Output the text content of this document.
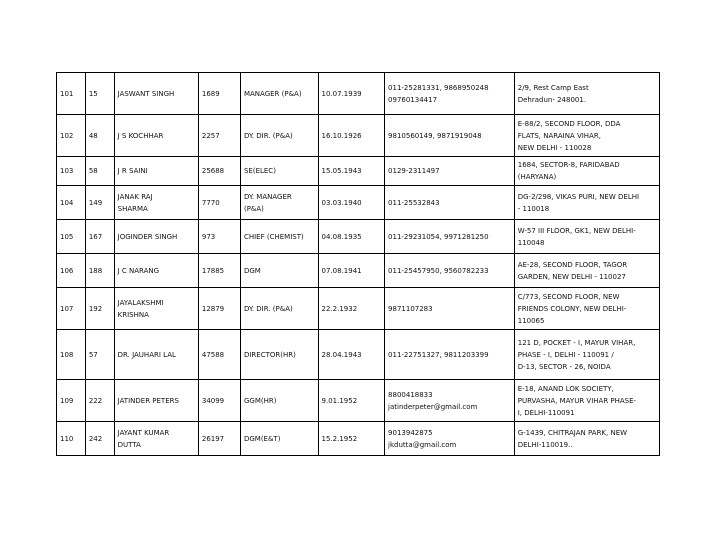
101	15	JASWANT SINGH	1689	MANAGER (P&A)	10.07.1939	011-25281331, 9868950248
09760134417	2/9, Rest Camp East
Dehradun- 248001.
102	48	J S KOCHHAR	2257	DY. DIR. (P&A)	16.10.1926	9810560149, 9871919048	E-88/2, SECOND FLOOR, DDA
FLATS, NARAINA VIHAR,
NEW DELHI - 110028
103	58	J R SAINI	25688	SE(ELEC)	15.05.1943	0129-2311497	1684, SECTOR-8, FARIDABAD
(HARYANA)
104	149	JANAK RAJ
SHARMA	7770	DY. MANAGER
(P&A)	03.03.1940	011-25532843	DG-2/298, VIKAS PURI, NEW DELHI
- 110018
105	167	JOGINDER SINGH	973	CHIEF (CHEMIST)	04.08.1935	011-29231054, 9971281250	W-57 III FLOOR, GK1, NEW DELHI-
110048
106	188	J C NARANG	17885	DGM	07.08.1941	011-25457950, 9560782233	AE-28, SECOND FLOOR, TAGOR
GARDEN, NEW DELHI - 110027
107	192	JAYALAKSHMI
KRISHNA	12879	DY. DIR. (P&A)	22.2.1932	9871107283	C/773, SECOND FLOOR, NEW
FRIENDS COLONY, NEW DELHI-
110065
108	57	DR. JAUHARI LAL	47588	DIRECTOR(HR)	28.04.1943	011-22751327, 9811203399	121 D, POCKET - I, MAYUR VIHAR,
PHASE - I, DELHI - 110091 /
D-13, SECTOR - 26, NOIDA
109	222	JATINDER PETERS	34099	GGM(HR)	9.01.1952	8800418833
jatinderpeter@gmail.com	E-18, ANAND LOK SOCIETY,
PURVASHA, MAYUR VIHAR PHASE-
I, DELHI-110091
110	242	JAYANT KUMAR
DUTTA	26197	DGM(E&T)	15.2.1952	9013942875
jkdutta@gmail.com	G-1439, CHITRAJAN PARK, NEW
DELHI-110019..
